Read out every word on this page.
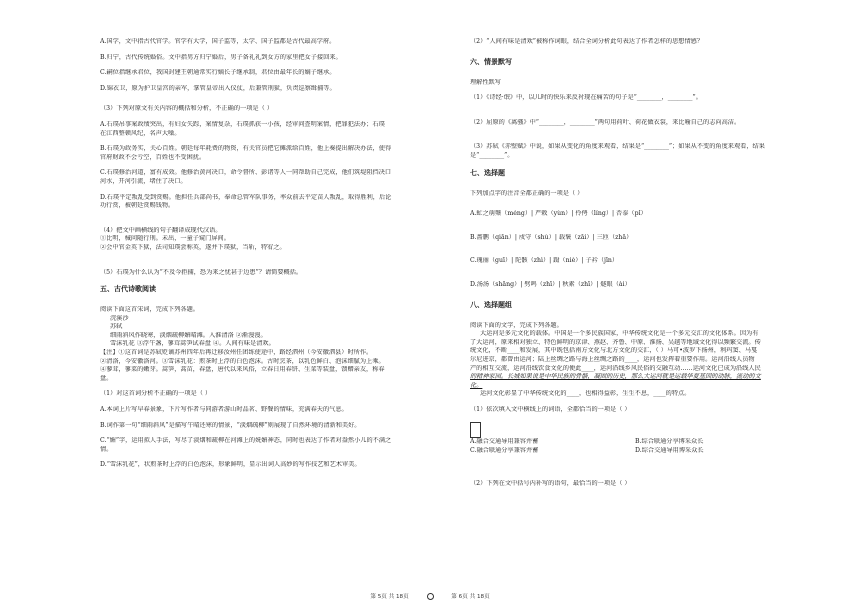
A.国学，文中指古代官学。官学有大学，国子监等，太学、国子监都是古代最高学府。
B.归宁，古代传统婚俗。文中指男方归宁婚后，男子备礼礼到女方的家里把女子接回来。
C.嗣位指继承君位，我国封建王朝通常实行嫡长子继承制，君位由最年长的嫡子继承。
D.锦衣卫，原为护卫皇宫的亲军，掌管皇帝出入仪仗，后兼管刑狱，负责巡察缉捕等。
（3）下列对原文有关内容的概括和分析，不正确的一项是（ ）
A.石璞吊事案政绩突出，有妇女失踪，案情复杂，石璞抓获一小孩，经审问查明案情，把罪犯法办；石璞
在江西整顿风纪，名声大噪。
B.石璞为政务实，关心百姓。朝廷每年耗费的物资，有关官员把它摊派给百姓，他上奏提出解决办法，使得
官府财政不会亏空，百姓也不受困扰。
C.石璞修治河道，富有成效。他修治黄河决口，命令督所、彭诸等人一同帮助自己完成，他们筑堤阻挡决口
河水，开河引流，堵住了决口。
D.石璞平定叛乱受到赏赐。他担任兵部尚书，奉命总管军队事务，率众前去平定苗人叛乱，取得胜利，后论
功行赏，被朝廷赏赐钱物。
（4）把文中画横线的句子翻译成现代汉语。
①比明，械问随行刑。未出，一童子窥门屏间。
②会中官金英下狱，法司知璞尝称英，遂并下璞狱，当斩，特宥之。
（5）石璞为什么认为“不及今拒捕，恐为来之忧甚于边患”？请简要概括。
五、古代诗歌阅读
阅读下面这首宋词，完成下列各题。
浣溪沙
苏轼
细雨斜风作晓寒，淡烟疏柳媚晴滩。入淮清洛 ②渐漫漫。
雪沫乳花 ③浮午盏，蓼茸蒿笋试春盘 ④。人间有味是清欢。
【注】①这首词是苏轼贬谪苏州四年后再迁移汝州任团练使途中，路经泗州（今安徽泗县）时所作。
②清洛，今安徽洛河。③雪沫乳花：煎茶时上浮的白色泡沫。古时烹茶，以乳色鲜白、泡沫细腻为上乘。
④蓼茸，蓼菜的嫩芽。蒿笋，蒿苗，春盘，唐代以来风俗，立春日用春饼、生菜等装盘，馈赠亲友，称春
盘。
（1）对这首词分析不正确的一项是（ ）
A.本词上片写早春景象，下片写作者与同游者游山时品茗、野餐的情味，充满春天的气息。
B.词作第一句“细雨斜风”是描写午晴还寒的情景，“淡烟疏柳”则展现了自然环境的清新和美好。
C.“媚”字，运用拟人手法，写尽了淡烟和疏柳在河滩上的妩媚神态，同时也表达了作者对盎然小儿的不满之
情。
D.“雪沫乳花”，状煎茶时上浮的白色泡沫，形象鲜明，显示出词人高妙的写作技艺和艺术审美。
（2）“人间有味是清欢”被称作词眼，结合全词分析此句表达了作者怎样的思想情感？
六、情景默写
理解性默写
（1）《诗经·氓》中，以儿时的快乐来反衬现在痛苦的句子是“________，________”。
（2）屈原的《离骚》中“________，________”两句用荷叶、荷花做衣裳，来比喻自己的志向高洁。
（3）苏轼《赤壁赋》中说，如果从变化的角度来观看，结果是“________”；如果从不变的角度来观看，结果
是“________”。
七、选择题
下列加点字的注音全都正确的一项是（ ）
A.虻之萌蘖（méng）| 严敕（yùn）| 伶俜（líng）| 否泰（pǐ）
B.蔷鹏（qiān）| 戍守（shù）| 载褒（zāi）| 三匝（zhā）
C.瑰丽（guī）| 陀骸（zhì）| 蹑（niè）| 子衿（jīn）
D.汤汤（shāng）| 劈鸣（zhī）| 秋素（zhī）| 燧眼（ài）
八、选择题组
阅读下面的文字，完成下列各题。
大运河是多元文化的载体。中国是一个多民族国家，中华传统文化是一个多元交汇的文化体系。因为有
了大运河，原来相对独立、特色鲜明的京津、燕赵、齐鲁、中原、淮扬、吴越等地域文化得以频繁交流。传
统文化，不断____和发展，其中既包括南方文化与北方文化的交汇，（ ）马可•波罗下扬州，利玛窦、马戛
尔尼进京，都曾由运河；陆上丝绸之路与海上丝绸之路的____，运河也发挥着重要作用。运河沿线人员物
产的相互交流，运河沿线饮食文化的便此____，运河沿线乡风民俗的交融互动……运河文化已成为沿线人民
的精神家园。长城如果说是中华民族的骨骼，凝固的历史，那么大运河就是运载华夏基因的动脉，流动的文
化。
运河文化彰显了中华传统文化的____，也相得益彰，生生不息，____的特点。
（1）依次填入文中横线上的词语，全都恰当的一项是（ ）
A.融合交通导用兼容并蓄	B.综合联通分享博采众长
C.融合联通分享兼容并蓄	D.综合交通导用博采众长
（2）下列在文中括号内补写的语句，最恰当的一项是（ ）
第 5页 共 18页	第 6页 共 18页
